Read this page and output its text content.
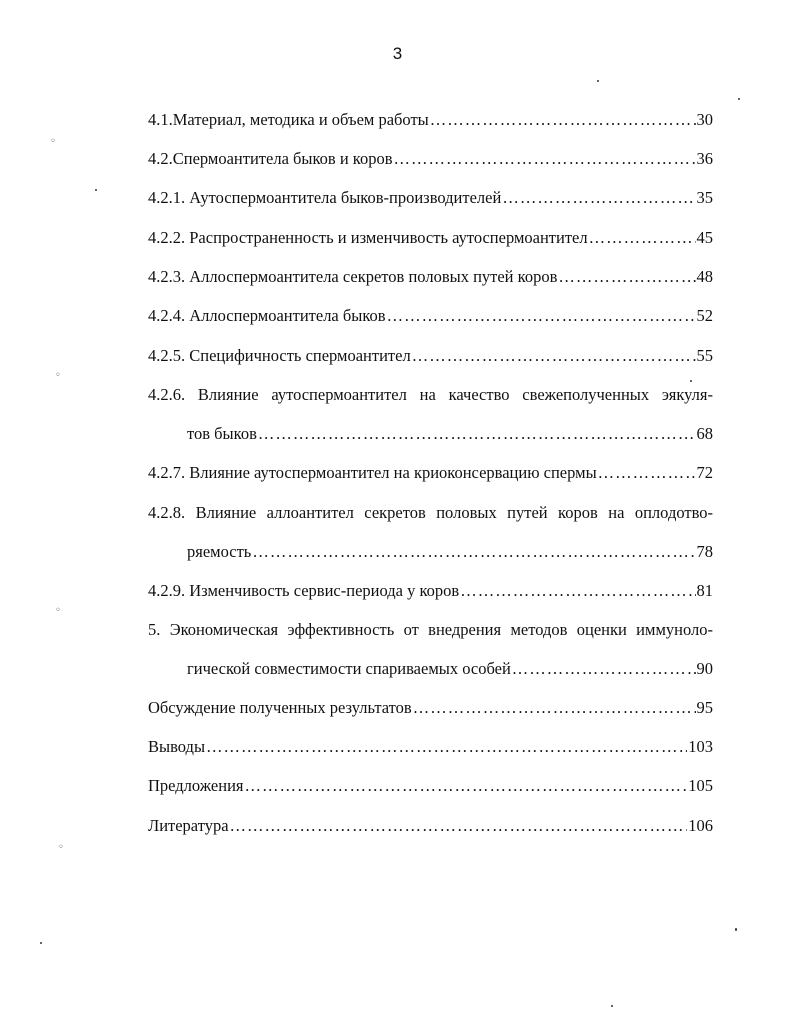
3
4.1.Материал, методика и объем работы ………………………………………………………………………………………………………………………………………………………………………………	30
4.2.Спермоантитела быков и коров ………………………………………………………………………………………………………………………………………………………………………………	36
4.2.1. Аутоспермоантитела быков-производителей ………………………………………………………………………………………………………………………………………………………………………………	35
4.2.2. Распространенность и изменчивость аутоспермоантител ………………………………………………………………………………………………………………………………………………………………………………	45
4.2.3. Аллоспермоантитела секретов половых путей коров ………………………………………………………………………………………………………………………………………………………………………………	48
4.2.4. Аллоспермоантитела быков ………………………………………………………………………………………………………………………………………………………………………………	52
4.2.5. Специфичность спермоантител ………………………………………………………………………………………………………………………………………………………………………………	55
4.2.6. Влияние аутоспермоантител на качество свежеполученных эякуля-
тов быков ………………………………………………………………………………………………………………………………………………………………………………	68
4.2.7. Влияние аутоспермоантител на криоконсервацию спермы ………………………………………………………………………………………………………………………………………………………………………………	72
4.2.8. Влияние аллоантител секретов половых путей коров на оплодотво-
ряемость ………………………………………………………………………………………………………………………………………………………………………………	78
4.2.9. Изменчивость сервис-периода у коров ………………………………………………………………………………………………………………………………………………………………………………	81
5. Экономическая эффективность от внедрения методов оценки иммуноло-
гической совместимости спариваемых особей ………………………………………………………………………………………………………………………………………………………………………………	90
Обсуждение полученных результатов ………………………………………………………………………………………………………………………………………………………………………………	95
Выводы ………………………………………………………………………………………………………………………………………………………………………………	103
Предложения ………………………………………………………………………………………………………………………………………………………………………………	105
Литература ………………………………………………………………………………………………………………………………………………………………………………	106
◦
◦
◦
◦
